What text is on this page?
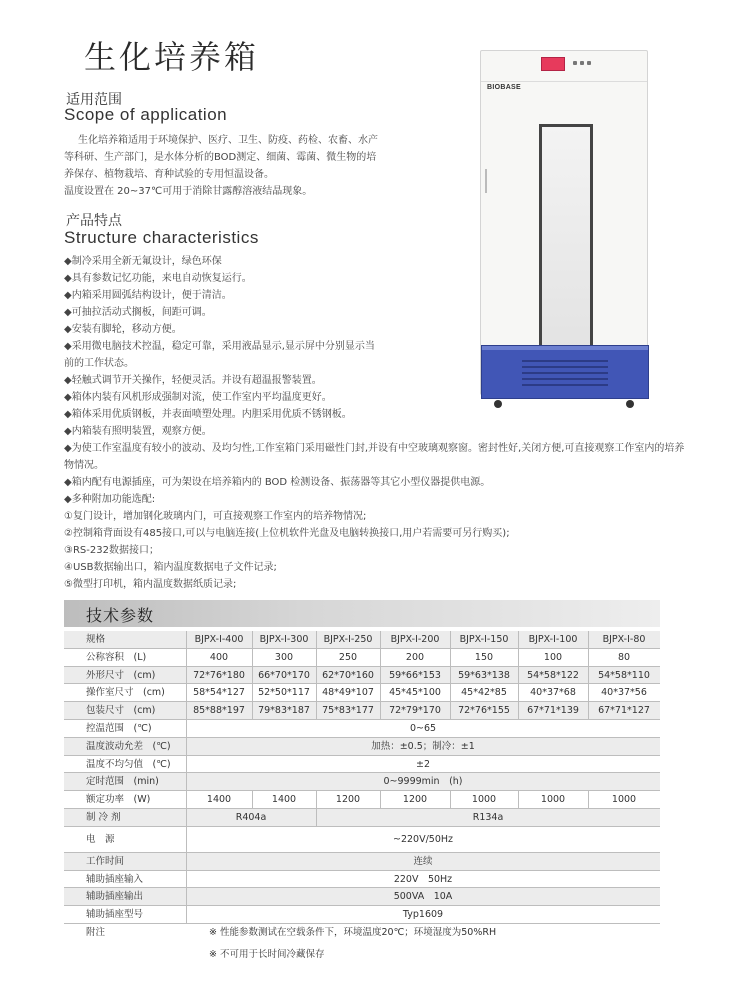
生化培养箱
适用范围
Scope of application
生化培养箱适用于环境保护、医疗、卫生、防疫、药检、农畜、水产
等科研、生产部门，是水体分析的BOD测定、细菌、霉菌、微生物的培
养保存、植物栽培、育种试验的专用恒温设备。
温度设置在 20~37℃可用于消除甘露醇溶液结晶现象。
产品特点
Structure characteristics
◆制冷采用全新无氟设计，绿色环保
◆具有参数记忆功能，来电自动恢复运行。
◆内箱采用圆弧结构设计，便于清洁。
◆可抽拉活动式搁板，间距可调。
◆安装有脚轮，移动方便。
◆采用微电脑技术控温，稳定可靠，采用液晶显示,显示屏中分别显示当前的工作状态。
◆轻触式调节开关操作，轻便灵活。并设有超温报警装置。
◆箱体内装有风机形成强制对流，使工作室内平均温度更好。
◆箱体采用优质钢板，并表面喷塑处理。内胆采用优质不锈钢板。
◆内箱装有照明装置，观察方便。
◆为使工作室温度有较小的波动、及均匀性,工作室箱门采用磁性门封,并设有中空玻璃观察窗。密封性好,关闭方便,可直接观察工作室内的培养物情况。
◆箱内配有电源插座，可为架设在培养箱内的 BOD 检测设备、振荡器等其它小型仪器提供电源。
◆多种附加功能选配:
①复门设计，增加钢化玻璃内门，可直接观察工作室内的培养物情况;
②控制箱背面设有485接口,可以与电脑连接(上位机软件光盘及电脑转换接口,用户若需要可另行购买);
③RS-232数据接口；
④USB数据输出口，箱内温度数据电子文件记录;
⑤微型打印机，箱内温度数据纸质记录;
BIOBASE
技术参数
规格	BJPX-Ⅰ-400	BJPX-Ⅰ-300	BJPX-Ⅰ-250	BJPX-Ⅰ-200	BJPX-Ⅰ-150	BJPX-Ⅰ-100	BJPX-Ⅰ-80
公称容积　(L)	400	300	250	200	150	100	80
外形尺寸　(cm)	72*76*180	66*70*170	62*70*160	59*66*153	59*63*138	54*58*122	54*58*110
操作室尺寸　(cm)	58*54*127	52*50*117	48*49*107	45*45*100	45*42*85	40*37*68	40*37*56
包装尺寸　(cm)	85*88*197	79*83*187	75*83*177	72*79*170	72*76*155	67*71*139	67*71*127
控温范围　(℃)	0~65
温度波动允差　(℃)	加热：±0.5；制冷：±1
温度不均匀值　(℃)	±2
定时范围　(min)	0~9999min　(h)
额定功率　(W)	1400	1400	1200	1200	1000	1000	1000
制 冷 剂	R404a	R134a
电　源	~220V/50Hz
工作时间	连续
辅助插座输入	220V　50Hz
辅助插座输出	500VA　10A
辅助插座型号	Typ1609
附注	※ 性能参数测试在空载条件下，环境温度20℃；环境湿度为50%RH
※ 不可用于长时间冷藏保存
